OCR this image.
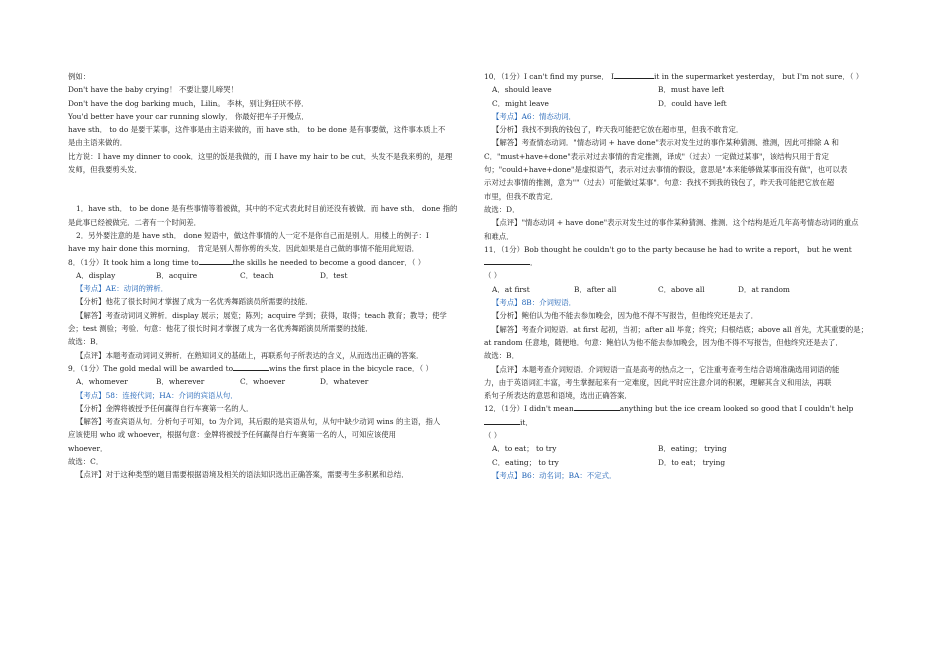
例如：

Don't have the baby crying！ 不要让婴儿啼哭！

Don't have the dog barking much，Lilin。 李林，别让狗狂吠不停．

You'd better have your car running slowly． 你最好把车子开慢点．

have sth． to do 是要干某事，这件事是由主语来做的，而 have sth． to be done 是有事要做，这件事本质上不

是由主语来做的．

比方说：I have my dinner to cook．这里的饭是我做的，而 I have my hair to be cut．头发不是我来剪的，是理

发师，但我要剪头发．

1．have sth． to be done 是有些事情等着被做，其中的不定式表此时目前还没有被做．而 have sth． done 指的

是此事已经被做完．二者有一个时间差．

2．另外要注意的是 have sth． done 短语中，做这件事情的人一定不是你自己而是别人．用楼上的例子：I

have my hair done this morning． 肯定是别人帮你剪的头发．因此如果是自己做的事情不能用此短语．

8．（1分）It took him a long time to	the skills he needed to become a good dancer．（ ）

A．display	B．acquire	C．teach	D．test

【考点】AE：动词的辨析．

【分析】他花了很长时间才掌握了成为一名优秀舞蹈演员所需要的技能．

【解答】考查动词词义辨析．display 展示；展览；陈列；acquire 学到；获得，取得；teach 教育；教导；使学

会；test 测验；考验．句意：他花了很长时间才掌握了成为一名优秀舞蹈演员所需要的技能．

故选：B．

【点评】本题考查动词词义辨析．在熟知词义的基础上，再联系句子所表达的含义，从而选出正确的答案．

9．（1分）The gold medal will be awarded to	wins the first place in the bicycle race．（ ）

A．whomever	B．wherever	C．whoever	D．whatever

【考点】58：连接代词；HA：介词的宾语从句．

【分析】金牌将被授予任何赢得自行车赛第一名的人．

【解答】考查宾语从句．分析句子可知，to 为介词，其后跟的是宾语从句，从句中缺少动词 wins 的主语，指人

应该使用 who 或 whoever，根据句意：金牌将被授予任何赢得自行车赛第一名的人，可知应该使用

whoever．

故选：C．

【点评】对于这种类型的题目需要根据语境及相关的语法知识选出正确答案，需要考生多积累和总结．

10．（1分）I can't find my purse． I	it in the supermarket yesterday， but I'm not sure．（ ）

A．should leave	B．must have left
C．might leave	D．could have left

【考点】A6：情态动词．

【分析】我找不到我的钱包了，昨天我可能把它放在超市里，但我不敢肯定．

【解答】考查情态动词．"情态动词 + have done"表示对发生过的事作某种猜测、推测，因此可排除 A 和

C．"must+have+done"表示对过去事情的肯定推测，译成"（过去）一定做过某事"，该结构只用于肯定

句；"could+have+done"是虚拟语气，表示对过去事情的假设，意思是"本来能够做某事而没有做"，也可以表

示对过去事情的推测，意为""（过去）可能做过某事"．句意：我找不到我的钱包了，昨天我可能把它放在超

市里，但我不敢肯定．

故选：D．

【点评】"情态动词 + have done"表示对发生过的事作某种猜测、推测．这个结构是近几年高考情态动词的重点

和难点．

11．（1分）Bob thought he couldn't go to the party because he had to write a report， but he went．

（ ）

A．at first	B．after all	C．above all	D．at random

【考点】8B：介词短语．

【分析】鲍伯认为他不能去参加晚会，因为他不得不写报告，但他终究还是去了．

【解答】考查介词短语．at first 起初，当初；after all 毕竟；终究；归根结底；above all 首先，尤其重要的是；

at random 任意地，随便地．句意：鲍伯认为他不能去参加晚会，因为他不得不写报告，但他终究还是去了．

故选：B．

【点评】本题考查介词短语．介词短语一直是高考的热点之一，它注重考查考生结合语境准确选用词语的能

力，由于英语词汇丰富，考生掌握起来有一定难度，因此平时应注意介词的积累，理解其含义和用法，再联

系句子所表达的意思和语境，选出正确答案．

12．（1分）I didn't mean	anything but the ice cream looked so good that I couldn't helpit．

（ ）

A．to eat； to try	B．eating； trying
C．eating； to try	D．to eat； trying

【考点】B6：动名词；BA：不定式．
